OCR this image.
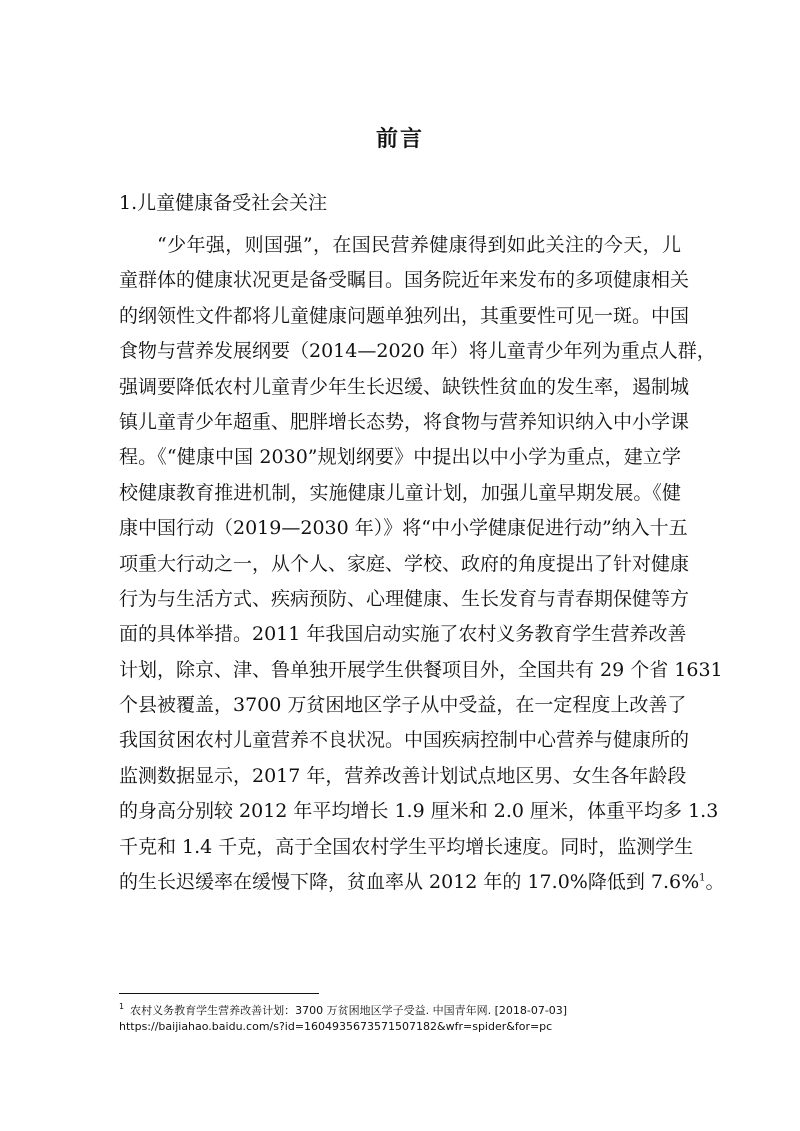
前言
1.儿童健康备受社会关注
“少年强，则国强”，在国民营养健康得到如此关注的今天，儿
童群体的健康状况更是备受瞩目。国务院近年来发布的多项健康相关
的纲领性文件都将儿童健康问题单独列出，其重要性可见一斑。中国
食物与营养发展纲要（2014—2020 年）将儿童青少年列为重点人群，
强调要降低农村儿童青少年生长迟缓、缺铁性贫血的发生率，遏制城
镇儿童青少年超重、肥胖增长态势，将食物与营养知识纳入中小学课
程。《“健康中国 2030”规划纲要》中提出以中小学为重点，建立学
校健康教育推进机制，实施健康儿童计划，加强儿童早期发展。《健
康中国行动（2019—2030 年）》将“中小学健康促进行动”纳入十五
项重大行动之一，从个人、家庭、学校、政府的角度提出了针对健康
行为与生活方式、疾病预防、心理健康、生长发育与青春期保健等方
面的具体举措。2011 年我国启动实施了农村义务教育学生营养改善
计划，除京、津、鲁单独开展学生供餐项目外，全国共有 29 个省 1631
个县被覆盖，3700 万贫困地区学子从中受益，在一定程度上改善了
我国贫困农村儿童营养不良状况。中国疾病控制中心营养与健康所的
监测数据显示，2017 年，营养改善计划试点地区男、女生各年龄段
的身高分别较 2012 年平均增长 1.9 厘米和 2.0 厘米，体重平均多 1.3
千克和 1.4 千克，高于全国农村学生平均增长速度。同时，监测学生
的生长迟缓率在缓慢下降，贫血率从 2012 年的 17.0%降低到 7.6%$^1$。
$^1$ 农村义务教育学生营养改善计划：3700 万贫困地区学子受益. 中国青年网. [2018-07-03]
https://baijiahao.baidu.com/s?id=1604935673571507182&wfr=spider&for=pc
